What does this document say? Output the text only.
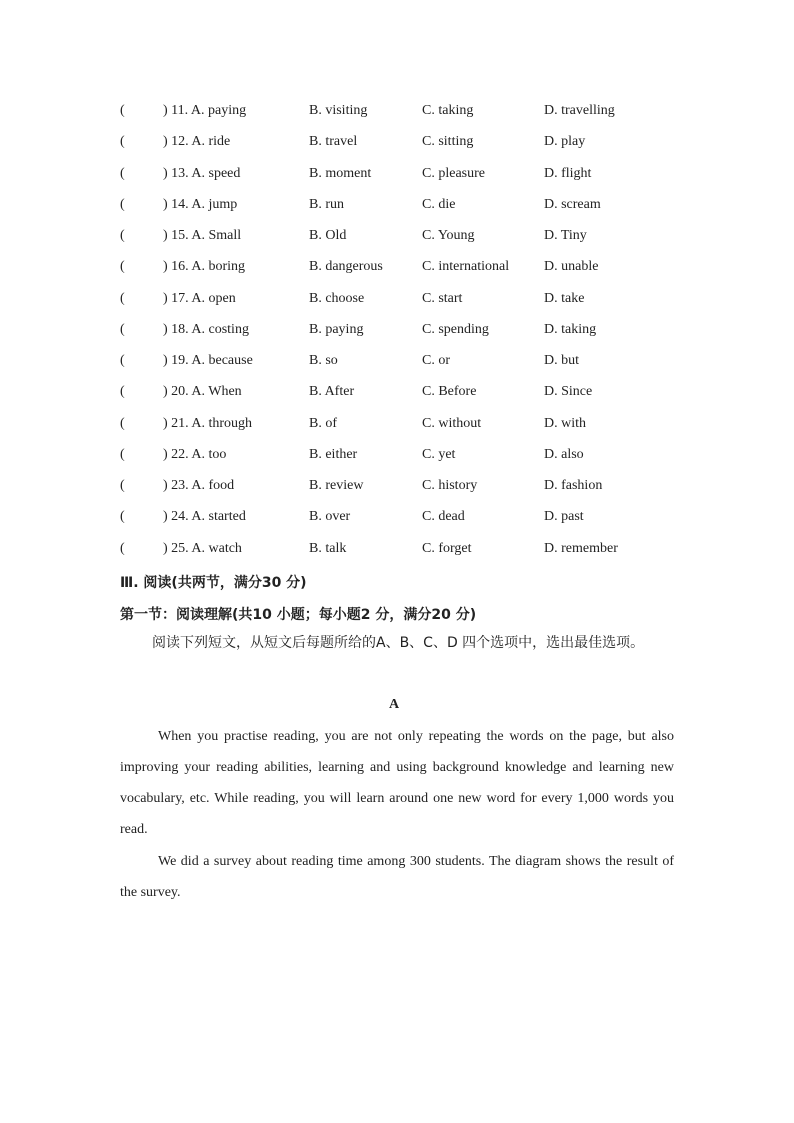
(	) 11. A. paying	B. visiting	C. taking	D. travelling
(	) 12. A. ride	B. travel	C. sitting	D. play
(	) 13. A. speed	B. moment	C. pleasure	D. flight
(	) 14. A. jump	B. run	C. die	D. scream
(	) 15. A. Small	B. Old	C. Young	D. Tiny
(	) 16. A. boring	B. dangerous	C. international D. unable
(	) 17. A. open	B. choose	C. start	D. take
(	) 18. A. costing	B. paying	C. spending	D. taking
(	) 19. A. because	B. so	C. or	D. but
(	) 20. A. When	B. After	C. Before	D. Since
(	) 21. A. through	B. of	C. without	D. with
(	) 22. A. too	B. either	C. yet	D. also
(	) 23. A. food	B. review	C. history	D. fashion
(	) 24. A. started	B. over	C. dead	D. past
(	) 25. A. watch	B. talk	C. forget	D. remember
Ⅲ. 阅读(共两节，满分30 分)
第一节：阅读理解(共10 小题；每小题2 分，满分20 分)
阅读下列短文，从短文后每题所给的A、B、C、D 四个选项中，选出最佳选项。
A
When you practise reading, you are not only repeating the words on the page, but also improving your reading abilities, learning and using background knowledge and learning new vocabulary, etc. While reading, you will learn around one new word for every 1,000 words you read.
We did a survey about reading time among 300 students. The diagram shows the result of the survey.
